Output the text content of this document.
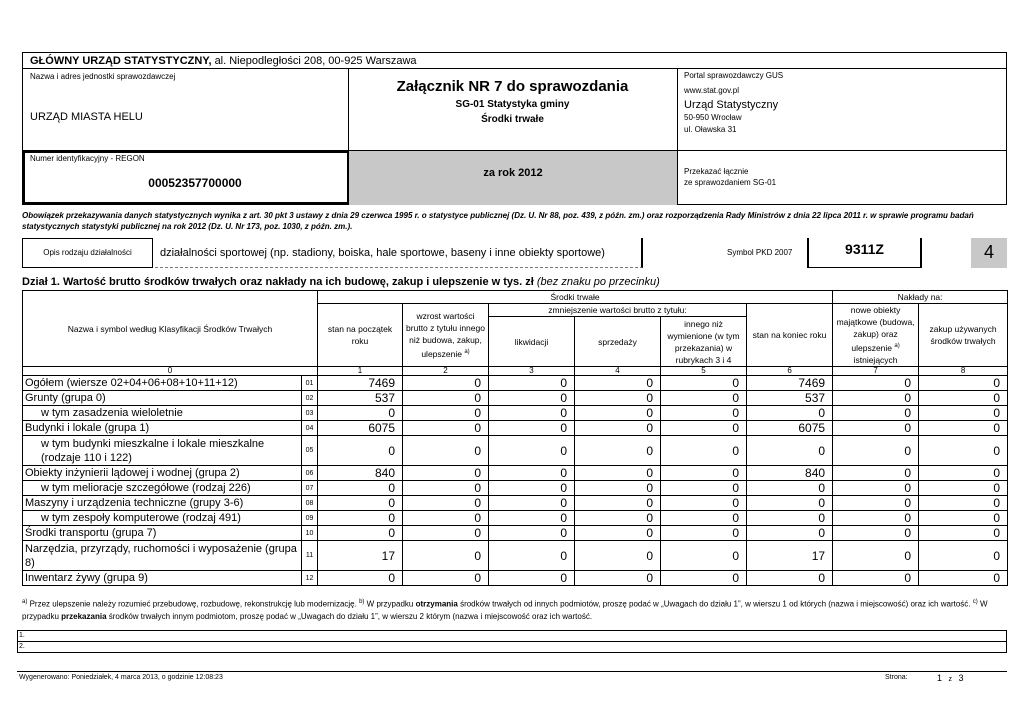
GŁÓWNY URZĄD STATYSTYCZNY, al. Niepodległości 208, 00-925 Warszawa
Nazwa i adres jednostki sprawozdawczej
URZĄD MIASTA HELU
Załącznik NR 7 do sprawozdania
SG-01 Statystyka gminy
Środki trwałe
Portal sprawozdawczy GUS
www.stat.gov.pl
Urząd Statystyczny
50-950 Wrocław
ul. Oławska 31
Numer identyfikacyjny - REGON
00052357700000
za rok 2012	Przekazać łącznie
ze sprawozdaniem SG-01
Obowiązek przekazywania danych statystycznych wynika z art. 30 pkt 3 ustawy z dnia 29 czerwca 1995 r. o statystyce publicznej (Dz. U. Nr 88, poz. 439, z późn. zm.) oraz rozporządzenia Rady Ministrów z dnia 22 lipca 2011 r. w sprawie programu badań statystycznych statystyki publicznej na rok 2012 (Dz. U. Nr 173, poz. 1030, z późn. zm.).
Opis rodzaju działalności	działalności sportowej (np. stadiony, boiska, hale sportowe, baseny i inne obiekty sportowe)	Symbol PKD 2007	9311Z	4
Dział 1. Wartość brutto środków trwałych oraz nakłady na ich budowę, zakup i ulepszenie w tys. zł (bez znaku po przecinku)
Nazwa i symbol według Klasyfikacji Środków Trwałych		Środki trwałe						Nakłady na:	
		stan na początek roku	wzrost wartości brutto z tytułu innego niż budowa, zakup, ulepszenie $^{a)}$	zmniejszenie wartości brutto z tytułu:			stan na koniec roku	nowe obiekty majątkowe (budowa, zakup) oraz ulepszenie $^{a)}$ istniejących	zakup używanych środków trwałych
				likwidacji	sprzedaży	innego niż wymienione (w tym przekazania) w rubrykach 3 i 4			
0		1	2	3	4	5	6	7	8
Ogółem (wiersze 02+04+06+08+10+11+12)	01	7469	0	0	0	0	7469	0	0
Grunty (grupa 0)	02	537	0	0	0	0	537	0	0
w tym zasadzenia wieloletnie	03	0	0	0	0	0	0	0	0
Budynki i lokale (grupa 1)	04	6075	0	0	0	0	6075	0	0
w tym budynki mieszkalne i lokale mieszkalne (rodzaje 110 i 122)	05	0	0	0	0	0	0	0	0
Obiekty inżynierii lądowej i wodnej (grupa 2)	06	840	0	0	0	0	840	0	0
w tym melioracje szczegółowe (rodzaj 226)	07	0	0	0	0	0	0	0	0
Maszyny i urządzenia techniczne (grupy 3-6)	08	0	0	0	0	0	0	0	0
w tym zespoły komputerowe (rodzaj 491)	09	0	0	0	0	0	0	0	0
Środki transportu (grupa 7)	10	0	0	0	0	0	0	0	0
Narzędzia, przyrządy, ruchomości i wyposażenie (grupa 8)	11	17	0	0	0	0	17	0	0
Inwentarz żywy (grupa 9)	12	0	0	0	0	0	0	0	0
$^{a)}$ Przez ulepszenie należy rozumieć przebudowę, rozbudowę, rekonstrukcję lub modernizację. $^{b)}$ W przypadku otrzymania środków trwałych od innych podmiotów, proszę podać w „Uwagach do działu 1”, w wierszu 1 od których (nazwa i miejscowość) oraz ich wartość. $^{c)}$ W przypadku przekazania środków trwałych innym podmiotom, proszę podać w „Uwagach do działu 1”, w wierszu 2 którym (nazwa i miejscowość oraz ich wartość.
1.
2.
Wygenerowano: Poniedziałek, 4 marca 2013, o godzinie 12:08:23	Strona:	1 z 3
